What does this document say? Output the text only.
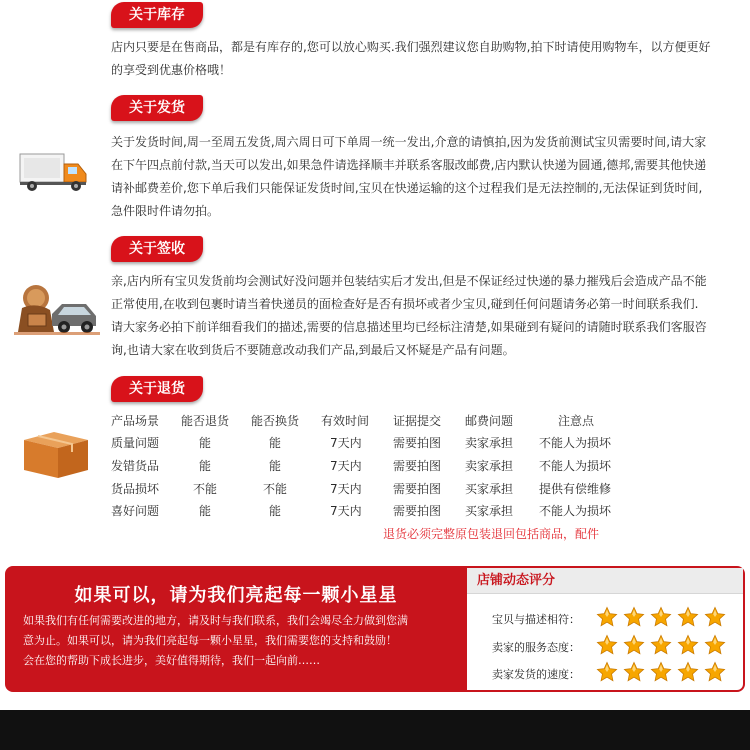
关于库存
店内只要是在售商品，都是有库存的,您可以放心购买.我们强烈建议您自助购物,拍下时请使用购物车，以方便更好
的享受到优惠价格哦！
关于发货
关于发货时间,周一至周五发货,周六周日可下单周一统一发出,介意的请慎拍,因为发货前测试宝贝需要时间,请大家
在下午四点前付款,当天可以发出,如果急件请选择顺丰并联系客服改邮费,店内默认快递为圆通,德邦,需要其他快递
请补邮费差价,您下单后我们只能保证发货时间,宝贝在快递运输的这个过程我们是无法控制的,无法保证到货时间,
急件限时件请勿拍。
关于签收
亲,店内所有宝贝发货前均会测试好没问题并包装结实后才发出,但是不保证经过快递的暴力摧残后会造成产品不能
正常使用,在收到包裹时请当着快递员的面检查好是否有损坏或者少宝贝,碰到任何问题请务必第一时间联系我们.
请大家务必拍下前详细看我们的描述,需要的信息描述里均已经标注清楚,如果碰到有疑问的请随时联系我们客服咨
询,也请大家在收到货后不要随意改动我们产品,到最后又怀疑是产品有问题。
关于退货
产品场景 能否退货 能否换货 有效时间 证据提交 邮费问题	注意点
质量问题	能	能	7天内	需要拍图 卖家承担 不能人为损坏
发错货品	能	能	7天内	需要拍图 卖家承担 不能人为损坏
货品损坏	不能	不能	7天内	需要拍图 买家承担 提供有偿维修
喜好问题	能	能	7天内	需要拍图 买家承担 不能人为损坏
退货必须完整原包装退回包括商品，配件
如果可以，请为我们亮起每一颗小星星
如果我们有任何需要改进的地方，请及时与我们联系，我们会竭尽全力做到您满
意为止。如果可以，请为我们亮起每一颗小星星，我们需要您的支持和鼓励！
会在您的帮助下成长进步，美好值得期待，我们一起向前……
店铺动态评分
宝贝与描述相符：
卖家的服务态度：
卖家发货的速度：
